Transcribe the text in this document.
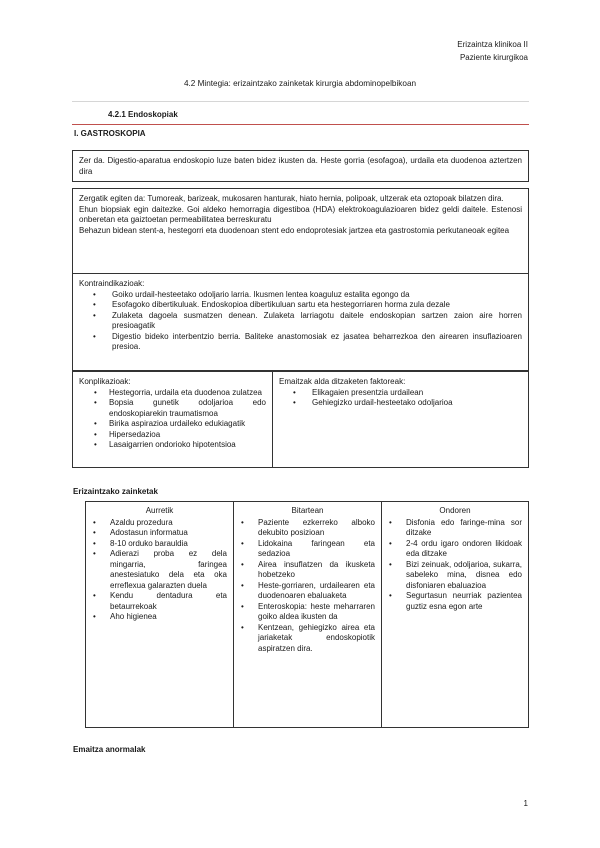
Erizaintza klinikoa II
Paziente kirurgikoa
4.2 Mintegia: erizaintzako zainketak kirurgia abdominopelbikoan
4.2.1 Endoskopiak
I. GASTROSKOPIA

Zer da. Digestio-aparatua endoskopio luze baten bidez ikusten da. Heste gorria (esofagoa), urdaila eta duodenoa aztertzen dira

Zergatik egiten da: Tumoreak, barizeak, mukosaren hanturak, hiato hernia, polipoak, ultzerak eta oztopoak bilatzen dira.

Ehun biopsiak egin daitezke. Goi aldeko hemorragia digestiboa (HDA) elektrokoagulazioaren bidez geldi daitele. Estenosi onberetan eta gaiztoetan permeabilitatea berreskuratu

Behazun bidean stent-a, hestegorri eta duodenoan stent edo endoprotesiak jartzea eta gastrostomia perkutaneoak egitea

Kontraindikazioak:
• Goiko urdail-hesteetako odoljario larria. Ikusmen lentea koaguluz estalita egongo da
• Esofagoko dibertikuluak. Endoskopioa dibertikuluan sartu eta hestegorriaren horma zula dezale
• Zulaketa dagoela susmatzen denean. Zulaketa larriagotu daitele endoskopian sartzen zaion aire horren presioagatik
• Digestio bideko interbentzio berria. Baliteke anastomosiak ez jasatea beharrezkoa den airearen insuflazioaren presioa.
Konplikazioak:
• Hestegorria, urdaila eta duodenoa zulatzea
• Bopsia gunetik odoljarioa edo endoskopiarekin traumatismoa
• Birika aspirazioa urdaileko edukiagatik
• Hipersedazioa
• Lasaigarrien ondorioko hipotentsioa
Emaitzak alda ditzaketen faktoreak:
• Elikagaien presentzia urdailean
• Gehiegizko urdail-hesteetako odoljarioa
Erizaintzako zainketak
Aurretik
• Azaldu prozedura
• Adostasun informatua
• 8-10 orduko barauldia
• Adierazi proba ez dela mingarria, faringea anestesiatuko dela eta oka erreflexua galarazten duela
• Kendu dentadura eta betaurrekoak
• Aho higienea
Bitartean
• Paziente ezkerreko alboko dekubito posizioan
• Lidokaina faringean eta sedazioa
• Airea insuflatzen da ikusketa hobetzeko
• Heste-gorriaren, urdailearen eta duodenoaren ebaluaketa
• Enteroskopia: heste meharraren goiko aldea ikusten da
• Kentzean, gehiegizko airea eta jariaketak endoskopiotik aspiratzen dira.
Ondoren
• Disfonia edo faringe-mina sor ditzake
• 2-4 ordu igaro ondoren likidoak eda ditzake
• Bizi zeinuak, odoljarioa, sukarra, sabeleko mina, disnea edo disfoniaren ebaluazioa
• Segurtasun neurriak pazientea guztiz esna egon arte
Emaitza anormalak
1
